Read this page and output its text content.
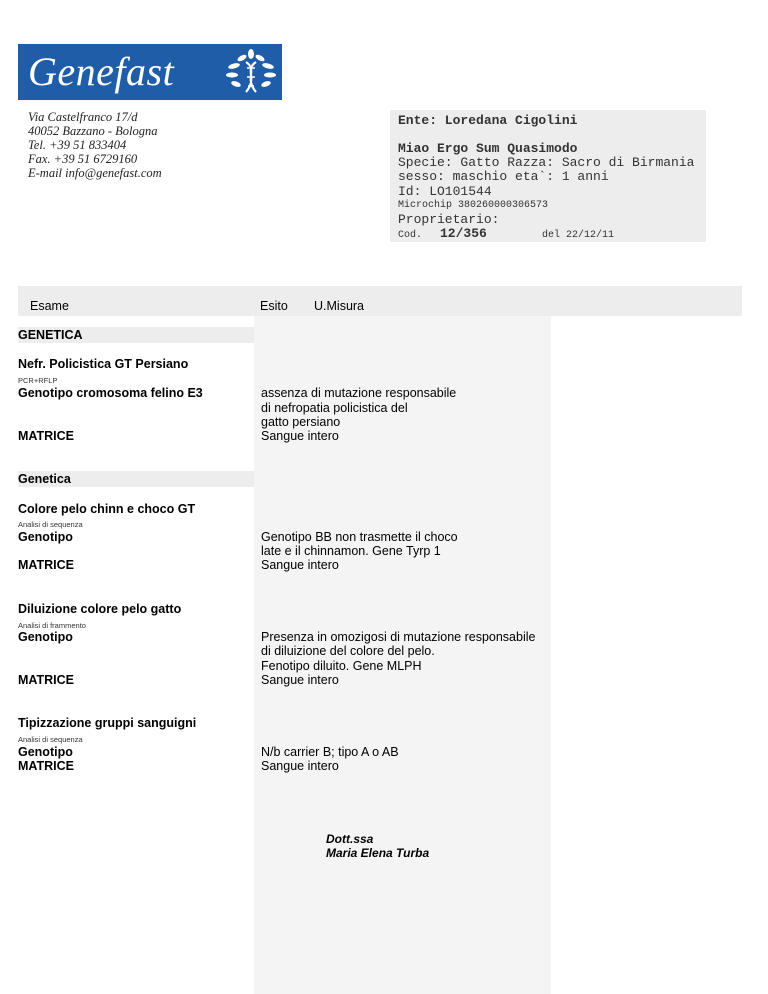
Genefast
Via Castelfranco 17/d
40052 Bazzano - Bologna
Tel. +39 51 833404
Fax. +39 51 6729160
E-mail info@genefast.com
Ente: Loredana Cigolini
Miao Ergo Sum Quasimodo
Specie: Gatto Razza: Sacro di Birmania
sesso: maschio eta`: 1 anni
Id: LO101544
Microchip 380260000306573
Proprietario:
Cod. 12/356	del 22/12/11
Esame	Esito U.Misura
GENETICA
Nefr. Policistica GT Persiano
PCR+RFLP
Genotipo cromosoma felino E3	assenza di mutazione responsabile
di nefropatia policistica del
gatto persiano
MATRICE	Sangue intero
Genetica
Colore pelo chinn e choco GT
Analisi di sequenza
Genotipo	Genotipo BB non trasmette il choco
late e il chinnamon. Gene Tyrp 1
MATRICE	Sangue intero
Diluizione colore pelo gatto
Analisi di frammento
Genotipo	Presenza in omozigosi di mutazione responsabile
di diluizione del colore del pelo.
Fenotipo diluito. Gene MLPH
MATRICE	Sangue intero
Tipizzazione gruppi sanguigni
Analisi di sequenza
Genotipo	N/b carrier B; tipo A o AB
MATRICE	Sangue intero
Dott.ssa
Maria Elena Turba
